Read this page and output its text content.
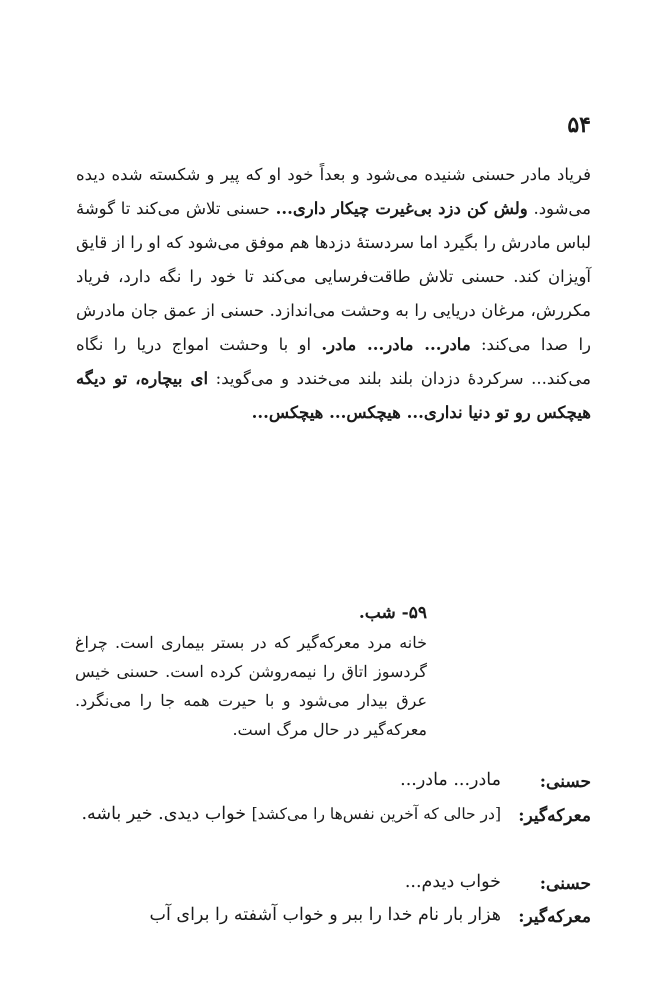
۵۴
فریاد مادر حسنی شنیده می‌شود و بعداً خود او که پیر و شکسته شده دیده می‌شود. ولش کن دزد بی‌غیرت چیکار داری... حسنی تلاش می‌کند تا گوشهٔ لباس مادرش را بگیرد اما سردستهٔ دزدها هم موفق می‌شود که او را از قایق آویزان کند. حسنی تلاش طاقت‌فرسایی می‌کند تا خود را نگه دارد، فریاد مکررش، مرغان دریایی را به وحشت می‌اندازد. حسنی از عمق جان مادرش را صدا می‌کند: مادر... مادر... مادر. او با وحشت امواج دریا را نگاه می‌کند... سرکردهٔ دزدان بلند بلند می‌خندد و می‌گوید: ای بیچاره، تو دیگه هیچکس رو تو دنیا نداری... هیچکس... هیچکس...
۵۹- شب.
خانه مرد معرکه‌گیر که در بستر بیماری است. چراغ گردسوز اتاق را نیمه‌روشن کرده است. حسنی خیس عرق بیدار می‌شود و با حیرت همه جا را می‌نگرد. معرکه‌گیر در حال مرگ است.
حسنی:
مادر... مادر...
معرکه‌گیر:
[در حالی که آخرین نفس‌ها را می‌کشد] خواب دیدی. خیر باشه.
حسنی:
خواب دیدم...
معرکه‌گیر:
هزار بار نام خدا را ببر و خواب آشفته را برای آب
